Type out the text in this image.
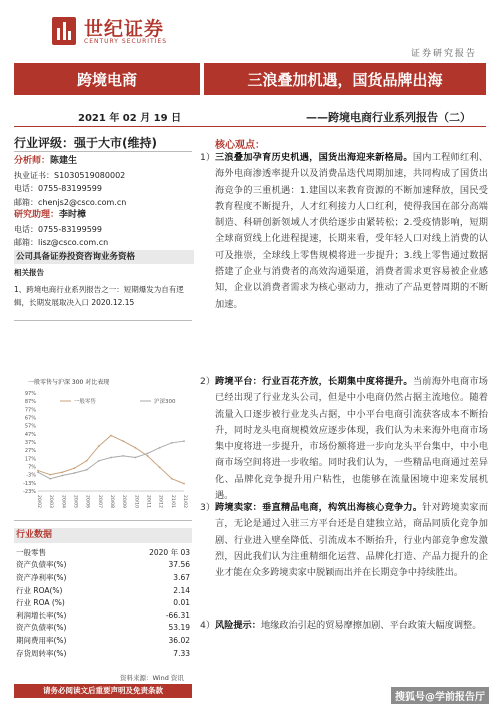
世纪证券
CENTURY SECURITIES
证券研究报告
跨境电商	三浪叠加机遇，国货品牌出海
2021 年 02 月 19 日	——跨境电商行业系列报告（二）
行业评级：强于大市(维持)
分析师：陈建生
执业证书：S1030519080002
电话：0755-83199599
邮箱：chenjs2@csco.com.cn
研究助理：李时樟
电话：0755-83199599
邮箱：lisz@csco.com.cn
公司具备证券投资咨询业务资格
相关报告
1、跨境电商行业系列报告之一：短期爆发为自有逻辑，长期发展取决入口 2020.12.15
一般零售与沪深 300 对比表现
97%
87%
77%
67%
57%
47%
37%
27%
17%
7%
-3%
-13%
-23%
20/02 20/03 20/04 20/05 20/06 20/07 20/08 20/09 20/10 20/11 20/12 21/01 21/02
一般零售	沪深300
行业数据
一般零售	2020 年 03
资产负债率(%)	37.56
资产净利率(%)	3.67
行业 ROA(%)	2.14
行业 ROA (%)	0.01
利润增长率(%)	-66.31
资产负债率(%)	53.19
期间费用率(%)	36.02
存货周转率(%)	7.33
资料来源：Wind 资讯
请务必阅读文后重要声明及免责条款
核心观点：
1） 三浪叠加孕育历史机遇，国货出海迎来新格局。国内工程师红利、海外电商渗透率提升以及消费品迭代周期加速，共同构成了国货出海竞争的三重机遇：1.建国以来教育资源的不断加速释放，国民受教育程度不断提升，人才红利接力人口红利，使得我国在部分高端制造、科研创新领域人才供给逐步由紧转松；2.受疫情影响，短期全球商贸线上化进程提速，长期来看，受年轻人口对线上消费的认可及推崇，全球线上零售规模将进一步提升；3.线上零售通过数据搭建了企业与消费者的高效沟通渠道，消费者需求更容易被企业感知，企业以消费者需求为核心驱动力，推动了产品更替周期的不断加速。
2） 跨境平台：行业百花齐放，长期集中度将提升。当前海外电商市场已经出现了行业龙头公司，但是中小电商仍然占据主流地位。随着流量入口逐步被行业龙头占据，中小平台电商引流获客成本不断抬升，同时龙头电商规模效应逐步体现，我们认为未来海外电商市场集中度将进一步提升，市场份额将进一步向龙头平台集中，中小电商市场空间将进一步收缩。同时我们认为，一些精品电商通过差异化、品牌化竞争提升用户粘性，也能够在流量困境中迎来发展机遇。
3） 跨境卖家：垂直精品电商，构筑出海核心竞争力。针对跨境卖家而言，无论是通过入驻三方平台还是自建独立站，商品同质化竞争加剧、行业进入壁垒降低、引流成本不断抬升，行业内部竞争愈发激烈，因此我们认为注重精细化运营、品牌化打造、产品力提升的企业才能在众多跨境卖家中脱颖而出并在长期竞争中持续胜出。
4） 风险提示：地缘政治引起的贸易摩擦加剧、平台政策大幅度调整。
搜狐号@学前报告厅
